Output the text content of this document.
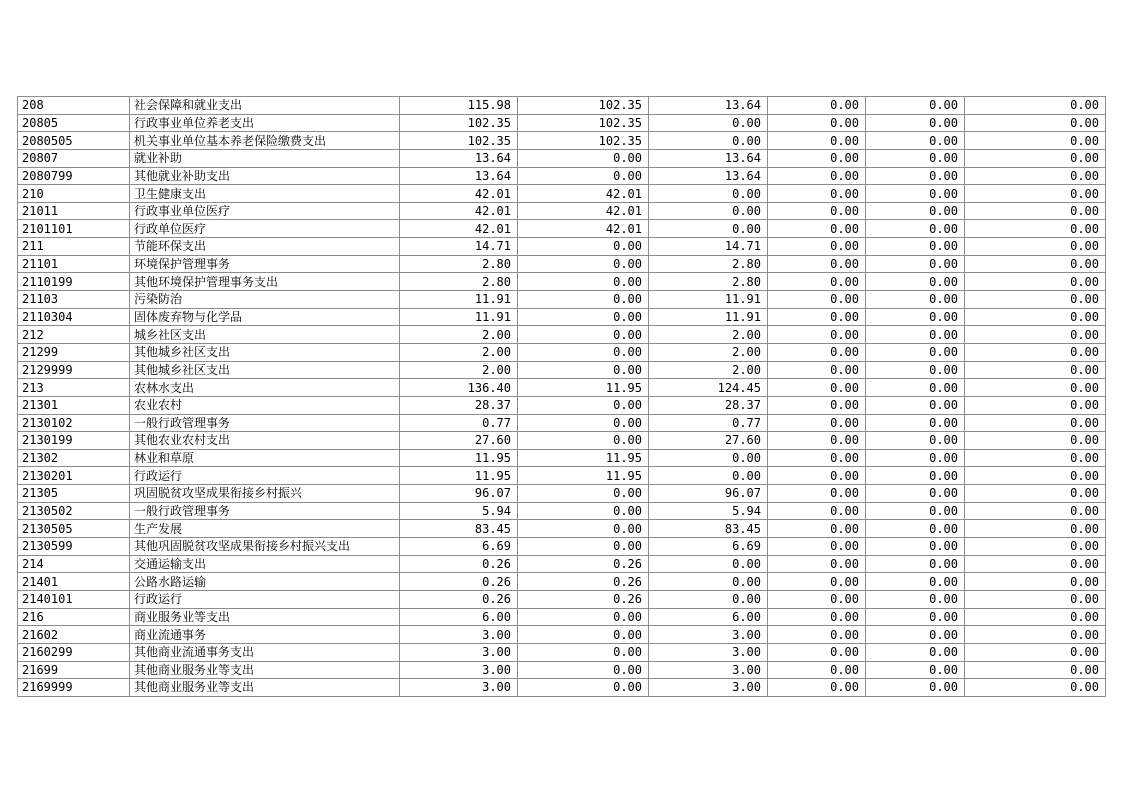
208	社会保障和就业支出	115.98	102.35	13.64	0.00	0.00	0.00
20805	行政事业单位养老支出	102.35	102.35	0.00	0.00	0.00	0.00
2080505	机关事业单位基本养老保险缴费支出	102.35	102.35	0.00	0.00	0.00	0.00
20807	就业补助	13.64	0.00	13.64	0.00	0.00	0.00
2080799	其他就业补助支出	13.64	0.00	13.64	0.00	0.00	0.00
210	卫生健康支出	42.01	42.01	0.00	0.00	0.00	0.00
21011	行政事业单位医疗	42.01	42.01	0.00	0.00	0.00	0.00
2101101	行政单位医疗	42.01	42.01	0.00	0.00	0.00	0.00
211	节能环保支出	14.71	0.00	14.71	0.00	0.00	0.00
21101	环境保护管理事务	2.80	0.00	2.80	0.00	0.00	0.00
2110199	其他环境保护管理事务支出	2.80	0.00	2.80	0.00	0.00	0.00
21103	污染防治	11.91	0.00	11.91	0.00	0.00	0.00
2110304	固体废弃物与化学品	11.91	0.00	11.91	0.00	0.00	0.00
212	城乡社区支出	2.00	0.00	2.00	0.00	0.00	0.00
21299	其他城乡社区支出	2.00	0.00	2.00	0.00	0.00	0.00
2129999	其他城乡社区支出	2.00	0.00	2.00	0.00	0.00	0.00
213	农林水支出	136.40	11.95	124.45	0.00	0.00	0.00
21301	农业农村	28.37	0.00	28.37	0.00	0.00	0.00
2130102	一般行政管理事务	0.77	0.00	0.77	0.00	0.00	0.00
2130199	其他农业农村支出	27.60	0.00	27.60	0.00	0.00	0.00
21302	林业和草原	11.95	11.95	0.00	0.00	0.00	0.00
2130201	行政运行	11.95	11.95	0.00	0.00	0.00	0.00
21305	巩固脱贫攻坚成果衔接乡村振兴	96.07	0.00	96.07	0.00	0.00	0.00
2130502	一般行政管理事务	5.94	0.00	5.94	0.00	0.00	0.00
2130505	生产发展	83.45	0.00	83.45	0.00	0.00	0.00
2130599	其他巩固脱贫攻坚成果衔接乡村振兴支出	6.69	0.00	6.69	0.00	0.00	0.00
214	交通运输支出	0.26	0.26	0.00	0.00	0.00	0.00
21401	公路水路运输	0.26	0.26	0.00	0.00	0.00	0.00
2140101	行政运行	0.26	0.26	0.00	0.00	0.00	0.00
216	商业服务业等支出	6.00	0.00	6.00	0.00	0.00	0.00
21602	商业流通事务	3.00	0.00	3.00	0.00	0.00	0.00
2160299	其他商业流通事务支出	3.00	0.00	3.00	0.00	0.00	0.00
21699	其他商业服务业等支出	3.00	0.00	3.00	0.00	0.00	0.00
2169999	其他商业服务业等支出	3.00	0.00	3.00	0.00	0.00	0.00
